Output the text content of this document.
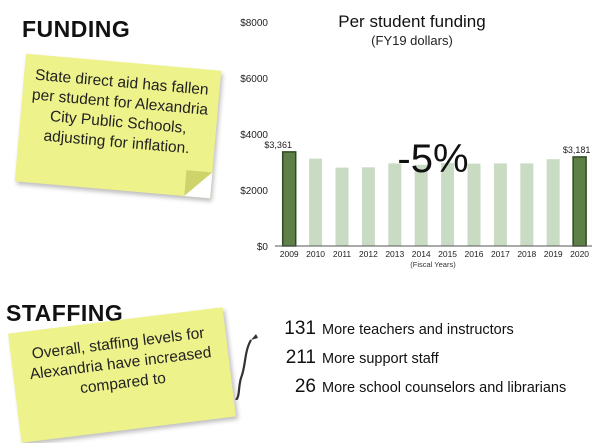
FUNDING
State direct aid has fallen per student for Alexandria City Public Schools, adjusting for inflation.
Per student funding
(FY19 dollars)
$0
$2000
$4000
$6000
$8000
$3,361
$3,181
2009 2010 2011 2012 2013 2014 2015 2016 2017 2018 2019 2020
-5%
(Fiscal Years)
STAFFING
Overall, staffing levels for Alexandria have increased compared to
131 More teachers and instructors
211 More support staff
26 More school counselors and librarians
